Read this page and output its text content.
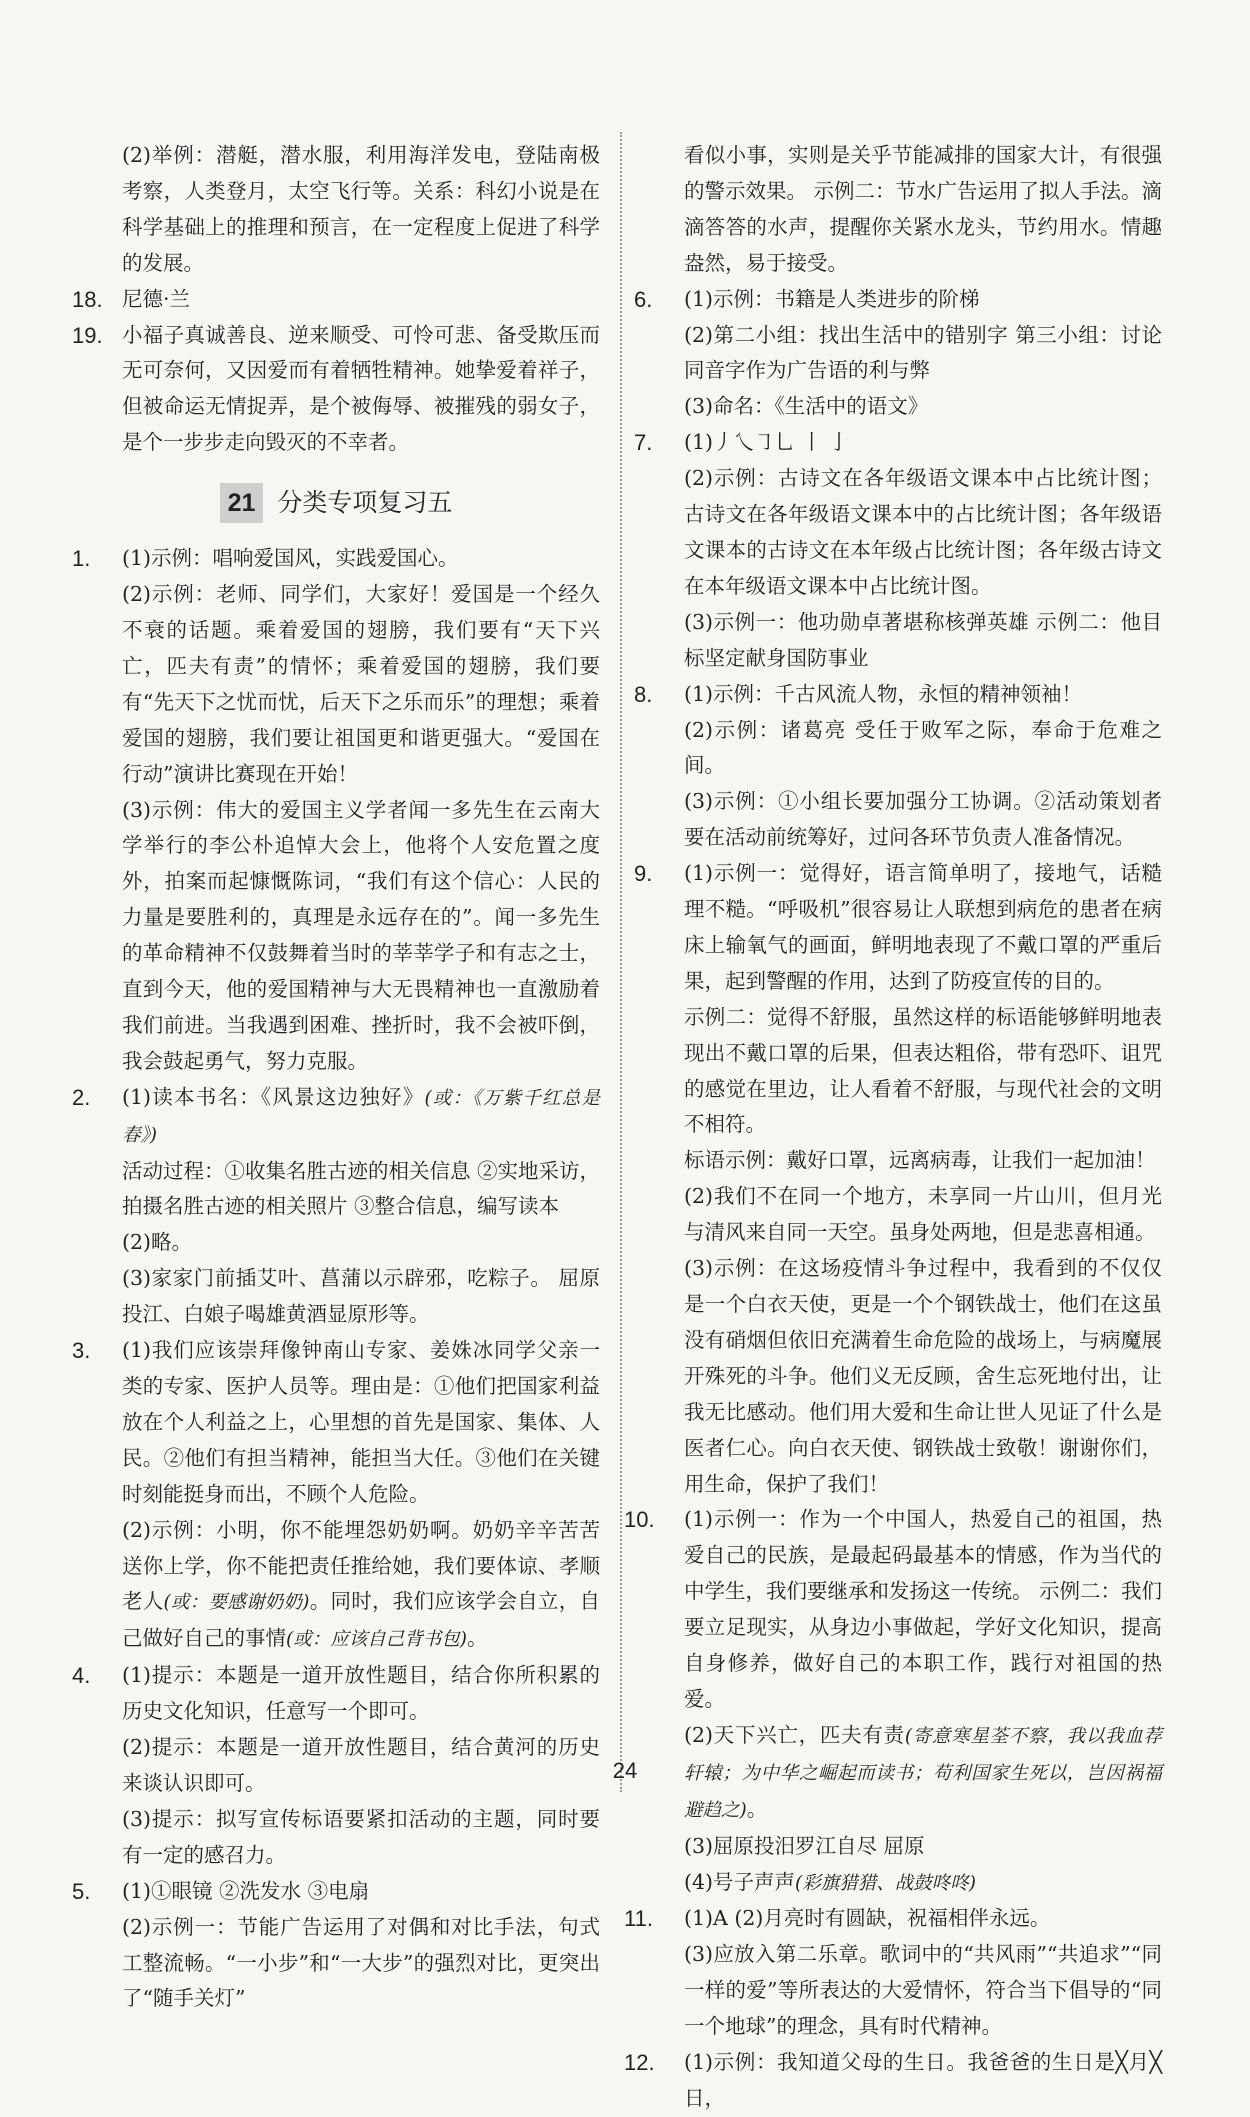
(2)举例：潜艇，潜水服，利用海洋发电，登陆南极考察，人类登月，太空飞行等。关系：科幻小说是在科学基础上的推理和预言，在一定程度上促进了科学的发展。

18. 尼德·兰

19. 小福子真诚善良、逆来顺受、可怜可悲、备受欺压而无可奈何，又因爱而有着牺牲精神。她挚爱着祥子，但被命运无情捉弄，是个被侮辱、被摧残的弱女子，是个一步步走向毁灭的不幸者。

21 分类专项复习五
1.	(1)示例：唱响爱国风，实践爱国心。

(2)示例：老师、同学们，大家好！爱国是一个经久不衰的话题。乘着爱国的翅膀，我们要有“天下兴亡，匹夫有责”的情怀；乘着爱国的翅膀，我们要有“先天下之忧而忧，后天下之乐而乐”的理想；乘着爱国的翅膀，我们要让祖国更和谐更强大。“爱国在行动”演讲比赛现在开始！

(3)示例：伟大的爱国主义学者闻一多先生在云南大学举行的李公朴追悼大会上，他将个人安危置之度外，拍案而起慷慨陈词，“我们有这个信心：人民的力量是要胜利的，真理是永远存在的”。闻一多先生的革命精神不仅鼓舞着当时的莘莘学子和有志之士，直到今天，他的爱国精神与大无畏精神也一直激励着我们前进。当我遇到困难、挫折时，我不会被吓倒，我会鼓起勇气，努力克服。

2.	(1)读本书名：《风景这边独好》(或：《万紫千红总是春》)

活动过程：①收集名胜古迹的相关信息 ②实地采访，拍摄名胜古迹的相关照片 ③整合信息，编写读本

(2)略。

(3)家家门前插艾叶、菖蒲以示辟邪，吃粽子。 屈原投江、白娘子喝雄黄酒显原形等。

3.	(1)我们应该崇拜像钟南山专家、姜姝冰同学父亲一类的专家、医护人员等。理由是：①他们把国家利益放在个人利益之上，心里想的首先是国家、集体、人民。②他们有担当精神，能担当大任。③他们在关键时刻能挺身而出，不顾个人危险。

(2)示例：小明，你不能埋怨奶奶啊。奶奶辛辛苦苦送你上学，你不能把责任推给她，我们要体谅、孝顺老人(或：要感谢奶奶)。同时，我们应该学会自立，自己做好自己的事情(或：应该自己背书包)。

4.	(1)提示：本题是一道开放性题目，结合你所积累的历史文化知识，任意写一个即可。

(2)提示：本题是一道开放性题目，结合黄河的历史来谈认识即可。

(3)提示：拟写宣传标语要紧扣活动的主题，同时要有一定的感召力。

5.	(1)①眼镜 ②洗发水 ③电扇

(2)示例一：节能广告运用了对偶和对比手法，句式工整流畅。“一小步”和“一大步”的强烈对比，更突出了“随手关灯”

看似小事，实则是关乎节能减排的国家大计，有很强的警示效果。 示例二：节水广告运用了拟人手法。滴滴答答的水声，提醒你关紧水龙头，节约用水。情趣盎然，易于接受。

6.	(1)示例：书籍是人类进步的阶梯

(2)第二小组：找出生活中的错别字 第三小组：讨论同音字作为广告语的利与弊

(3)命名：《生活中的语文》

7.	(1)丿乀㇆乚 丨 亅

(2)示例：古诗文在各年级语文课本中占比统计图；古诗文在各年级语文课本中的占比统计图；各年级语文课本的古诗文在本年级占比统计图；各年级古诗文在本年级语文课本中占比统计图。

(3)示例一：他功勋卓著堪称核弹英雄 示例二：他目标坚定献身国防事业

8.	(1)示例：千古风流人物，永恒的精神领袖！

(2)示例：诸葛亮 受任于败军之际，奉命于危难之间。

(3)示例：①小组长要加强分工协调。②活动策划者要在活动前统筹好，过问各环节负责人准备情况。

9.	(1)示例一：觉得好，语言简单明了，接地气，话糙理不糙。“呼吸机”很容易让人联想到病危的患者在病床上输氧气的画面，鲜明地表现了不戴口罩的严重后果，起到警醒的作用，达到了防疫宣传的目的。

示例二：觉得不舒服，虽然这样的标语能够鲜明地表现出不戴口罩的后果，但表达粗俗，带有恐吓、诅咒的感觉在里边，让人看着不舒服，与现代社会的文明不相符。

标语示例：戴好口罩，远离病毒，让我们一起加油！

(2)我们不在同一个地方，未享同一片山川，但月光与清风来自同一天空。虽身处两地，但是悲喜相通。

(3)示例：在这场疫情斗争过程中，我看到的不仅仅是一个白衣天使，更是一个个钢铁战士，他们在这虽没有硝烟但依旧充满着生命危险的战场上，与病魔展开殊死的斗争。他们义无反顾，舍生忘死地付出，让我无比感动。他们用大爱和生命让世人见证了什么是医者仁心。向白衣天使、钢铁战士致敬！谢谢你们，用生命，保护了我们！

10.	(1)示例一：作为一个中国人，热爱自己的祖国，热爱自己的民族，是最起码最基本的情感，作为当代的中学生，我们要继承和发扬这一传统。 示例二：我们要立足现实，从身边小事做起，学好文化知识，提高自身修养，做好自己的本职工作，践行对祖国的热爱。

(2)天下兴亡，匹夫有责(寄意寒星荃不察，我以我血荐轩辕；为中华之崛起而读书；苟利国家生死以，岂因祸福避趋之)。

(3)屈原投汨罗江自尽 屈原

(4)号子声声(彩旗猎猎、战鼓咚咚)

11.	(1)A (2)月亮时有圆缺，祝福相伴永远。

(3)应放入第二乐章。歌词中的“共风雨”“共追求”“同一样的爱”等所表达的大爱情怀，符合当下倡导的“同一个地球”的理念，具有时代精神。

12.	(1)示例：我知道父母的生日。我爸爸的生日是╳月╳日，

24
